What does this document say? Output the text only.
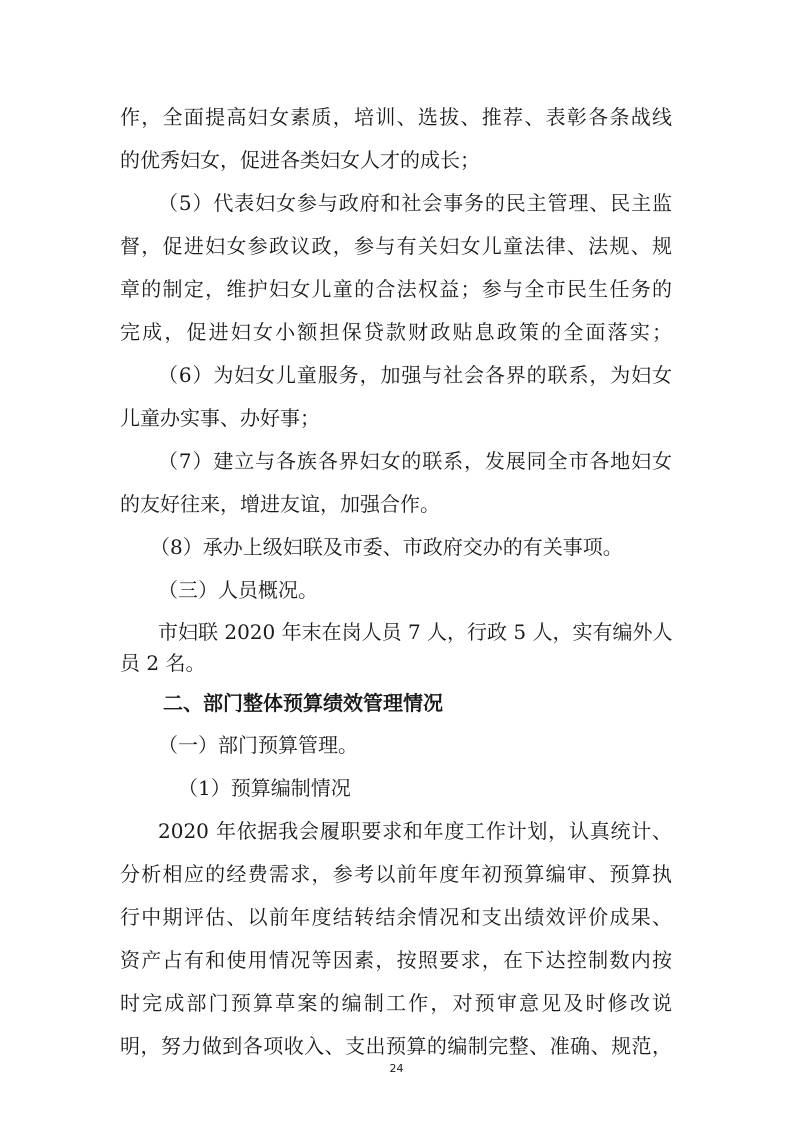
作，全面提高妇女素质，培训、选拔、推荐、表彰各条战线
的优秀妇女，促进各类妇女人才的成长；
（5）代表妇女参与政府和社会事务的民主管理、民主监
督，促进妇女参政议政，参与有关妇女儿童法律、法规、规
章的制定，维护妇女儿童的合法权益；参与全市民生任务的
完成，促进妇女小额担保贷款财政贴息政策的全面落实；
（6）为妇女儿童服务，加强与社会各界的联系，为妇女
儿童办实事、办好事；
（7）建立与各族各界妇女的联系，发展同全市各地妇女
的友好往来，增进友谊，加强合作。
（8）承办上级妇联及市委、市政府交办的有关事项。
（三）人员概况。
市妇联 2020 年末在岗人员 7 人，行政 5 人，实有编外人
员 2 名。
二、部门整体预算绩效管理情况
（一）部门预算管理。
（1）预算编制情况
2020 年依据我会履职要求和年度工作计划，认真统计、
分析相应的经费需求，参考以前年度年初预算编审、预算执
行中期评估、以前年度结转结余情况和支出绩效评价成果、
资产占有和使用情况等因素，按照要求，在下达控制数内按
时完成部门预算草案的编制工作，对预审意见及时修改说
明，努力做到各项收入、支出预算的编制完整、准确、规范，
24
